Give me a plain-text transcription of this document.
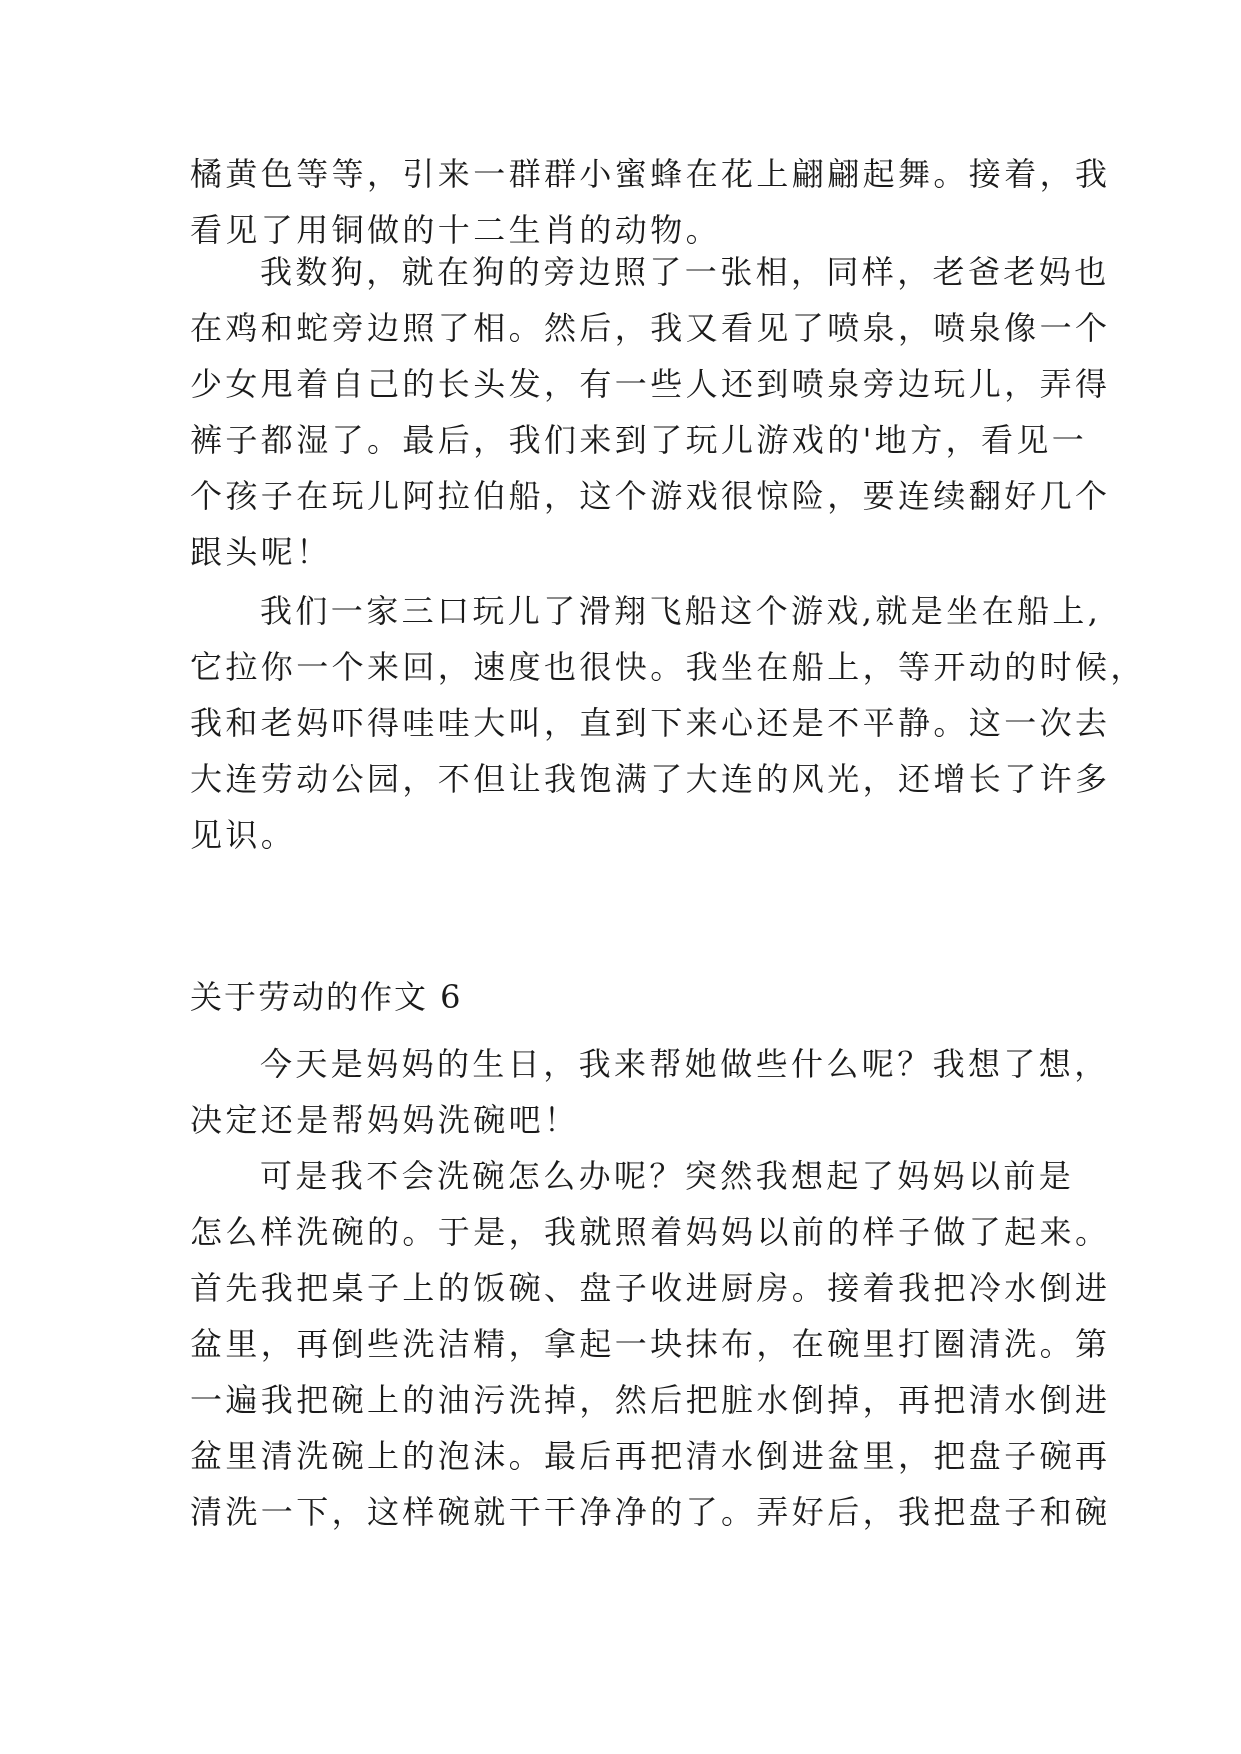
橘黄色等等，引来一群群小蜜蜂在花上翩翩起舞。接着，我
看见了用铜做的十二生肖的动物。
我数狗，就在狗的旁边照了一张相，同样，老爸老妈也
在鸡和蛇旁边照了相。然后，我又看见了喷泉，喷泉像一个
少女甩着自己的长头发，有一些人还到喷泉旁边玩儿，弄得
裤子都湿了。最后，我们来到了玩儿游戏的'地方，看见一
个孩子在玩儿阿拉伯船，这个游戏很惊险，要连续翻好几个
跟头呢！
我们一家三口玩儿了滑翔飞船这个游戏,就是坐在船上,
它拉你一个来回，速度也很快。我坐在船上，等开动的时候，
我和老妈吓得哇哇大叫，直到下来心还是不平静。这一次去
大连劳动公园，不但让我饱满了大连的风光，还增长了许多
见识。
关于劳动的作文 6
今天是妈妈的生日，我来帮她做些什么呢？我想了想，
决定还是帮妈妈洗碗吧！
可是我不会洗碗怎么办呢？突然我想起了妈妈以前是
怎么样洗碗的。于是，我就照着妈妈以前的样子做了起来。
首先我把桌子上的饭碗、盘子收进厨房。接着我把冷水倒进
盆里，再倒些洗洁精，拿起一块抹布，在碗里打圈清洗。第
一遍我把碗上的油污洗掉，然后把脏水倒掉，再把清水倒进
盆里清洗碗上的泡沫。最后再把清水倒进盆里，把盘子碗再
清洗一下，这样碗就干干净净的了。弄好后，我把盘子和碗
